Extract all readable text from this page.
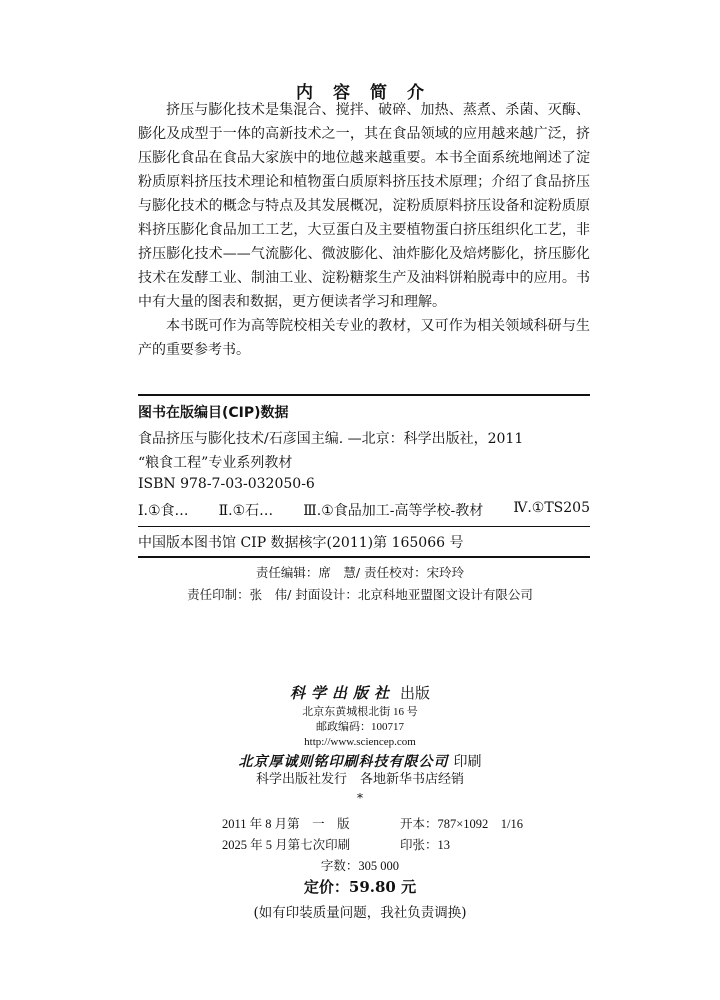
内容简介

挤压与膨化技术是集混合、搅拌、破碎、加热、蒸煮、杀菌、灭酶、膨化及成型于一体的高新技术之一，其在食品领域的应用越来越广泛，挤压膨化食品在食品大家族中的地位越来越重要。本书全面系统地阐述了淀粉质原料挤压技术理论和植物蛋白质原料挤压技术原理；介绍了食品挤压与膨化技术的概念与特点及其发展概况，淀粉质原料挤压设备和淀粉质原料挤压膨化食品加工工艺，大豆蛋白及主要植物蛋白挤压组织化工艺，非挤压膨化技术——气流膨化、微波膨化、油炸膨化及焙烤膨化，挤压膨化技术在发酵工业、制油工业、淀粉糖浆生产及油料饼粕脱毒中的应用。书中有大量的图表和数据，更方便读者学习和理解。

本书既可作为高等院校相关专业的教材，又可作为相关领域科研与生产的重要参考书。

图书在版编目(CIP)数据
食品挤压与膨化技术/石彦国主编. —北京：科学出版社，2011
“粮食工程”专业系列教材
ISBN 978-7-03-032050-6
Ⅰ.①食… Ⅱ.①石… Ⅲ.①食品加工-高等学校-教材 Ⅳ.①TS205
中国版本图书馆 CIP 数据核字(2011)第 165066 号
责任编辑：席　慧/ 责任校对：宋玲玲
责任印制：张　伟/ 封面设计：北京科地亚盟图文设计有限公司
科学出版社 出版
北京东黄城根北街 16 号
邮政编码：100717
http://www.sciencep.com
北京厚诚则铭印刷科技有限公司 印刷
科学出版社发行　各地新华书店经销
*
2011 年 8 月第　一　版	开本：787×1092　1/16
2025 年 5 月第七次印刷	印张：13
字数：305 000
定价：59.80 元
(如有印装质量问题，我社负责调换)
